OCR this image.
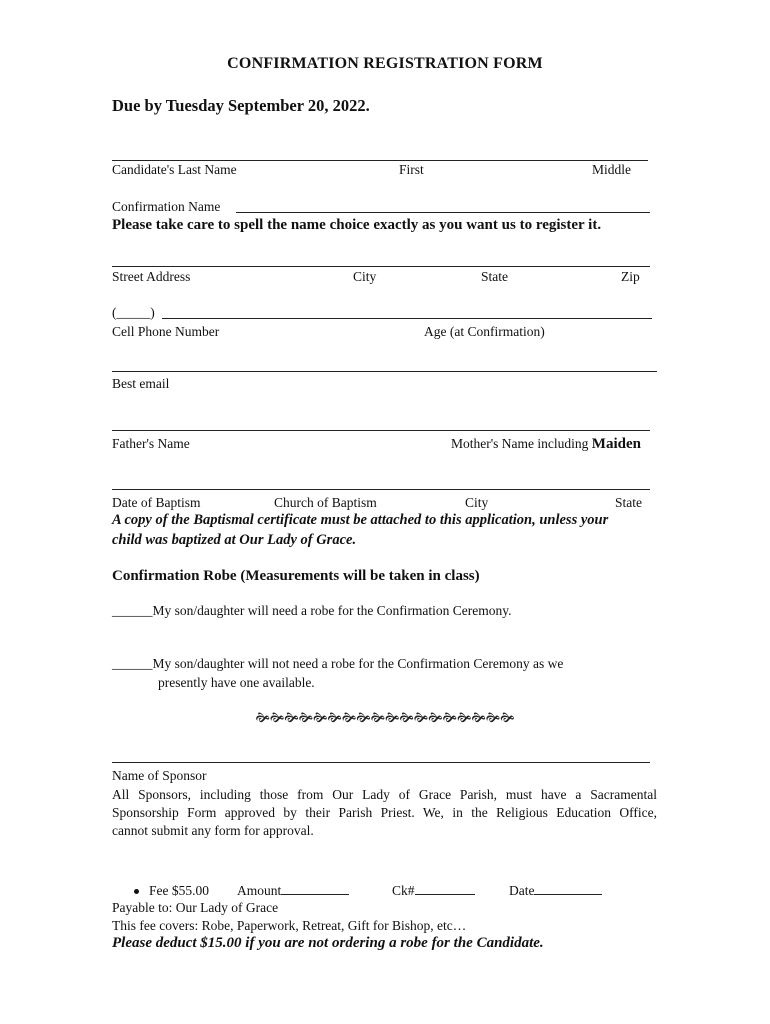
CONFIRMATION REGISTRATION FORM
Due by Tuesday September 20, 2022.
Candidate's Last Name	First	Middle
Confirmation Name
Please take care to spell the name choice exactly as you want us to register it.
Street Address	City	State	Zip
(_____)
Cell Phone Number	Age (at Confirmation)
Best email
Father's Name	Mother's Name including Maiden
Date of Baptism	Church of Baptism	City	State
A copy of the Baptismal certificate must be attached to this application, unless your
child was baptized at Our Lady of Grace.
Confirmation Robe (Measurements will be taken in class)
______My son/daughter will need a robe for the Confirmation Ceremony.
______My son/daughter will not need a robe for the Confirmation Ceremony as we
presently have one available.
🙞🙞🙞🙞🙞🙞🙞🙞🙞🙞🙞🙞🙞🙞🙞🙞🙞🙞
Name of Sponsor
All Sponsors, including those from Our Lady of Grace Parish, must have a Sacramental
Sponsorship Form approved by their Parish Priest. We, in the Religious Education Office,
cannot submit any form for approval.
Fee $55.00 Amount	Ck#	Date
Payable to: Our Lady of Grace
This fee covers: Robe, Paperwork, Retreat, Gift for Bishop, etc…
Please deduct $15.00 if you are not ordering a robe for the Candidate.
